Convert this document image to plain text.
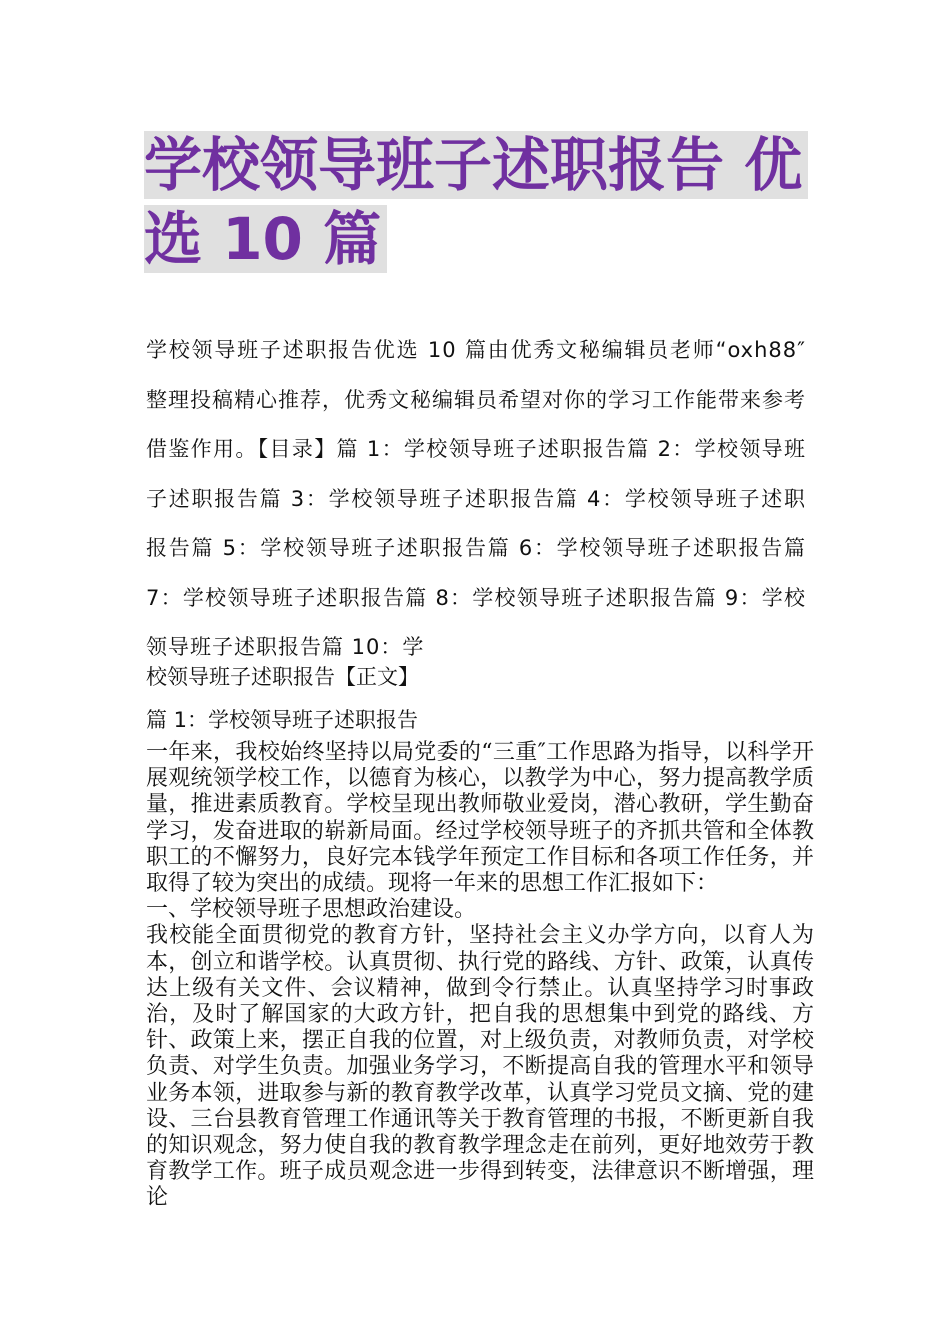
学校领导班子述职报告 优
选 10 篇

学校领导班子述职报告优选 10 篇由优秀文秘编辑员老师“oxh88″整理投稿精心推荐，优秀文秘编辑员希望对你的学习工作能带来参考借鉴作用。【目录】篇 1：学校领导班子述职报告篇 2：学校领导班子述职报告篇 3：学校领导班子述职报告篇 4：学校领导班子述职报告篇 5：学校领导班子述职报告篇 6：学校领导班子述职报告篇 7：学校领导班子述职报告篇 8：学校领导班子述职报告篇 9：学校领导班子述职报告篇 10：学

校领导班子述职报告【正文】

篇 1：学校领导班子述职报告

一年来，我校始终坚持以局党委的“三重″工作思路为指导，以科学开展观统领学校工作，以德育为核心，以教学为中心，努力提高教学质量，推进素质教育。学校呈现出教师敬业爱岗，潜心教研，学生勤奋学习，发奋进取的崭新局面。经过学校领导班子的齐抓共管和全体教职工的不懈努力，良好完本钱学年预定工作目标和各项工作任务，并取得了较为突出的成绩。现将一年来的思想工作汇报如下：

一、学校领导班子思想政治建设。

我校能全面贯彻党的教育方针，坚持社会主义办学方向，以育人为本，创立和谐学校。认真贯彻、执行党的路线、方针、政策，认真传达上级有关文件、会议精神，做到令行禁止。认真坚持学习时事政治，及时了解国家的大政方针，把自我的思想集中到党的路线、方针、政策上来，摆正自我的位置，对上级负责，对教师负责，对学校负责、对学生负责。加强业务学习，不断提高自我的管理水平和领导业务本领，进取参与新的教育教学改革，认真学习党员文摘、党的建设、三台县教育管理工作通讯等关于教育管理的书报，不断更新自我的知识观念，努力使自我的教育教学理念走在前列，更好地效劳于教育教学工作。班子成员观念进一步得到转变，法律意识不断增强，理论
